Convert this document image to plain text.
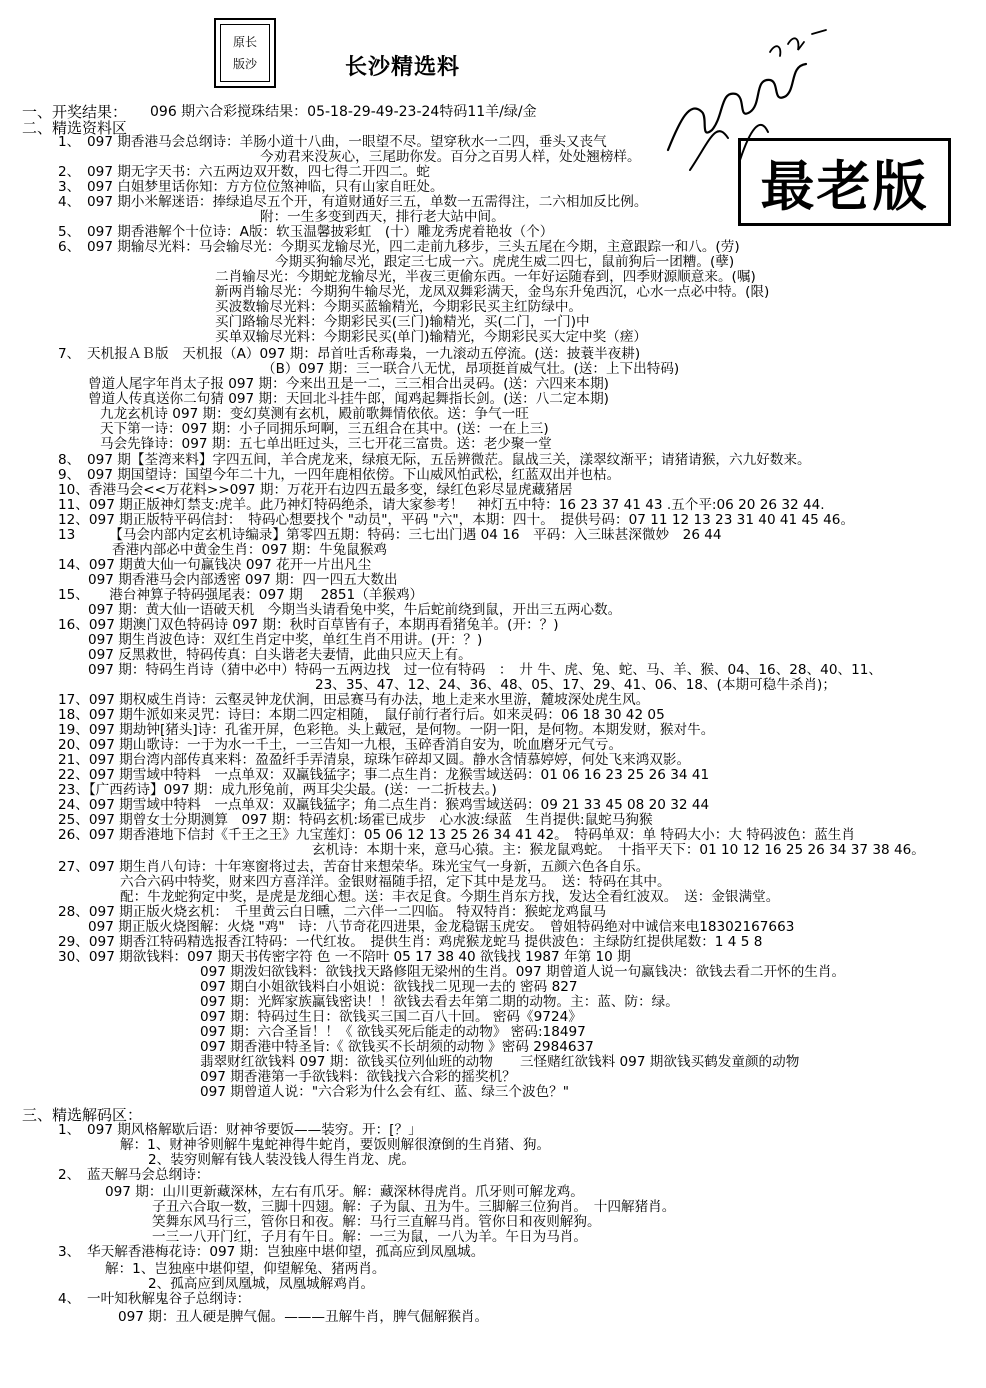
原长
版沙	长沙精选料
最老版
一、开奖结果： 096 期六合彩搅珠结果：05-18-29-49-23-24特码11羊/绿/金
二、精选资料区
三、精选解码区：
1、　097 期香港马会总纲诗：羊肠小道十八曲，一眼望不尽。望穿秋水一二四，垂头又丧气
今劝君来没灰心，三尾助你发。百分之百男人样，处处翘榜样。
2、　097 期无字天书：六五两边双开数，四七得二开四二。蛇
3、　097 白姐梦里话你知：方方位位煞神临，只有山家自旺处。
4、　097 期小米解迷语：捧绿追尽五个开，有道财通好三五，单数一五需得注，二六相加反比例。
附：一生多变到西天，排行老大站中间。
5、　097 期香港解个十位诗：A版：软玉温馨披彩虹　(十）雕龙秀虎着艳妆（个）
6、　097 期输尽光料：马会输尽光：今期买龙输尽光，四二走前九移步，三头五尾在今期，主意跟踪一和八。(劳)
今期买狗输尽光，跟定三七成一六。虎虎生威二四七，鼠前狗后一团糟。(孽)
二肖输尽光：今期蛇龙输尽光，半夜三更偷东西。一年好运随春到，四季财源顺意来。(嘱)
新两肖输尽光：今期狗牛输尽光，龙凤双舞彩满天，金鸟东升兔西沉，心水一点必中特。(限)
买波数输尽光料：今期买蓝输精光，今期彩民买主红防绿中。
买门路输尽光料：今期彩民买(三门)输精光，买(二门，一门)中
买单双输尽光料：今期彩民买(单门)输精光，今期彩民买大定中奖（瘥）
7、　天机报ＡＢ版　天机报（A）097 期：昂首吐舌称毒枭，一九滚动五停流。(送：披蓑半夜耕)
（B）097 期：三一联合八无忧，昂项挺首威气壮。(送：上下出特码)
曾道人尾字年肖太子报 097 期：今来出丑是一二，三三相合出灵码。(送：六四来本期)
曾道人传真送你二句猜 097 期：天回北斗挂牛郎，闻鸡起舞指长剑。(送：八二定本期)
九龙玄机诗 097 期：变幻莫测有玄机，殿前歌舞情依依。送：争气一旺
天下第一诗：097 期：小子同拥乐珂啊，三五组合在其中。(送：一在上三)
马会先锋诗：097 期：五七单出旺过头，三七开花三富贵。送：老少聚一堂
8、　097 期【荃湾来料】字四五间，羊合虎龙来，绿痕无际，五岳辨微茫。鼠战三关，漾翠纹渐平；请猪请猴，六九好数来。
9、　097 期国望诗：国望今年二十九，一四年鹿相依傍。下山威风怕武松，红蓝双出并也枯。
10、香港马会<<万花料>>097 期：万花开右边四五最多变，绿红色彩尽显虎藏猪居
11、097 期正版神灯禁支:虎羊。此乃神灯特码绝杀，请大家参考！　神灯五中特：16 23 37 41 43 .五个平:06 20 26 32 44.
12、097 期正版特平码信封：　特码心想要找个 "动员"，平码 "六"，本期：四十。　提供号码：07 11 12 13 23 31 40 41 45 46。
13　　　【马会内部内定玄机诗编录】第零四五期：特码：三七出门遇 04 16　平码：入三昧甚深微妙　26 44
香港内部必中黄金生肖：097 期：牛兔鼠猴鸡
14、097 期黄大仙一句赢钱决 097 花开一片出凡尘
097 期香港马会内部透密 097 期：四一四五大数出
15、　　港台神算子特码强尾表：097 期　 2851（羊猴鸡）
097 期：黄大仙一语破天机　今期当头请看兔中奖，牛后蛇前绕到鼠，开出三五两心数。
16、097 期澳门双色特码诗 097 期：秋时百草皆有子，本期再看猪兔羊。(开：？)
097 期生肖波色诗：双红生肖定中奖，单红生肖不用讲。(开：？)
097 反黑救世，特码传真：白头谐老夫妻情，此曲只应天上有。
097 期：特码生肖诗（猜中必中）特码一五两边找　过一位有特码　：　廾 牛、虎、兔、蛇、马、羊、猴、04、16、28、40、11、
23、35、47、12、24、36、48、05、17、29、41、06、18、(本期可稳牛杀肖)；
17、097 期权威生肖诗：云壑灵钟龙伏涧，田忌赛马有办法，地上走来水里游，麓坡深处虎生风。
18、097 期牛派如来灵咒：诗曰：本期二四定相随，　鼠仔前行者行后。如来灵码：06 18 30 42 05
19、097 期劫钟[猪头]诗：孔雀开屏，色彩艳。头上戴冠，是何物。一阴一阳，是何物。本期发财，猴对牛。
20、097 期山歌诗：一于为水一千土，一三告知一九根，玉碎香消自安为，吮血磨牙元气亏。
21、097 期台湾内部传真来料：盈盈纤手弄清泉，琼珠乍碎却又圆。静水含情慕婷婷，何处飞来鸿双影。
22、097 期雪域中特料　一点单双：双赢钱猛字；事二点生肖：龙猴雪域送码：01 06 16 23 25 26 34 41
23、【广西药诗】097 期：成九形兔前，两耳尖尖最。(送：一二折枝去。)
24、097 期雪域中特料　一点单双：双赢钱猛字；角二点生肖：猴鸡雪域送码：09 21 33 45 08 20 32 44
25、097 期曾女士分期测算　097 期：特码玄机:场霍已成步　心水波:绿蓝　生肖提供:鼠蛇马狗猴
26、097 期香港地下信封《千王之王》九宝莲灯：05 06 12 13 25 26 34 41 42。　特码单双：单 特码大小：大 特码波色：蓝生肖
玄机诗：本期十来，意马心猿。主：猴龙鼠鸡蛇。　十指平天下：01 10 12 16 25 26 34 37 38 46。
27、097 期生肖八句诗：十年寒窗将过去，苦奋甘来想荣华。珠光宝气一身新，五颜六色各自乐。
六合六码中特奖，财来四方喜洋洋。金银财福随手招，定下其中是龙马。　送：特码在其中。
配：牛龙蛇狗定中奖，是虎是龙细心想。送：丰衣足食。今期生肖东方找，发达全看红波双。　送：金银满堂。
28、097 期正版火烧玄机：　千里黄云白日曛，二六伴一二四临。 特双特肖：猴蛇龙鸡鼠马
097 期正版火烧图解：火烧 "鸡"　诗：八节奇花四进果，金龙稳锯玉虎安。　曾姐特码绝对中诚信来电18302167663
29、097 期香江特码精选报香江特码：一代红妆。　提供生肖：鸡虎猴龙蛇马 提供波色：主绿防红提供尾数：1 4 5 8
30、097 期欲钱料：097 期天书传密字符 色 一不陪叶 05 17 38 40 欲钱找 1987 年第 10 期
097 期泼妇欲钱料：欲钱找天路修阻无梁州的生肖。097 期曾道人说一句赢钱决：欲钱去看二开怀的生肖。
097 期白小姐欲钱料白小姐说：欲钱找二见现一去的 密码 827
097 期：光辉家族赢钱密诀！！欲钱去看去年第二期的动物。主：蓝、防：绿。
097 期：特码过生日：欲钱买三国二百八十回。 密码《9724》
097 期：六合圣旨！！《 欲钱买死后能走的动物》 密码:18497
097 期香港中特圣旨:《 欲钱买不长胡须的动物 》密码 2984637
翡翠财红欲钱料 097 期：欲钱买位列仙班的动物　　三怪赌红欲钱料 097 期欲钱买鹤发童颜的动物
097 期香港第一手欲钱料：欲钱找六合彩的摇奖机？
097 期曾道人说："六合彩为什么会有红、蓝、绿三个波色？"
1、　097 期风格解歇后语：财神爷要饭——装穷。开：[？」
解：1、财神爷则解牛鬼蛇神得牛蛇肖，要饭则解很潦倒的生肖猪、狗。
2、装穷则解有钱人装没钱人得生肖龙、虎。
2、　蓝天解马会总纲诗：
097 期：山川更新藏深林，左右有爪牙。解：藏深林得虎肖。爪牙则可解龙鸡。
子丑六合取一数，三脚十四翅。解：子为鼠、丑为牛。三脚解三位狗肖。　十四解猪肖。
笑舞东风马行三，管你日和夜。解：马行三直解马肖。管你日和夜则解狗。
一三一八开门红，子月有午日。解：一三为鼠，一八为羊。午日为马肖。
3、　华天解香港梅花诗：097 期：岂独座中堪仰望，孤高应到凤凰城。
解：1、岂独座中堪仰望，仰望解兔、猪两肖。
2、孤高应到凤凰城，凤凰城解鸡肖。
4、　一叶知秋解鬼谷子总纲诗：
097 期：丑人硬是脾气倔。———丑解牛肖，脾气倔解猴肖。
